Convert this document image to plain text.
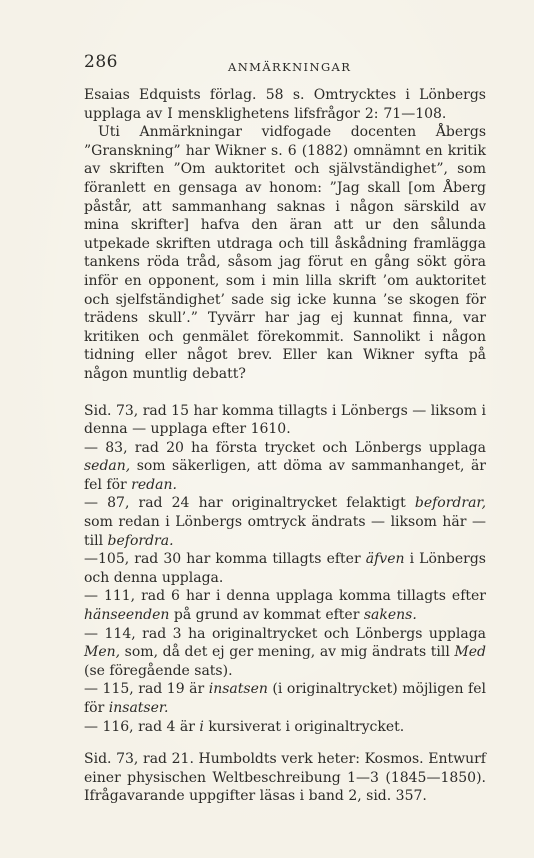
286	ANMÄRKNINGAR

Esaias Edquists förlag. 58 s. Omtrycktes i Lönbergs upplaga av I mensklighetens lifsfrågor 2: 71—108.

Uti Anmärkningar vidfogade docenten Åbergs ”Granskning” har Wikner s. 6 (1882) omnämnt en kritik av skriften ”Om auktoritet och självständighet”, som föranlett en gensaga av honom: ”Jag skall [om Åberg påstår, att sammanhang saknas i någon särskild av mina skrifter] hafva den äran att ur den sålunda utpekade skriften utdraga och till åskådning framlägga tankens röda tråd, såsom jag förut en gång sökt göra inför en opponent, som i min lilla skrift ’om auktoritet och sjelfständighet’ sade sig icke kunna ’se skogen för trädens skull’.” Tyvärr har jag ej kunnat finna, var kritiken och genmälet förekommit. Sannolikt i någon tidning eller något brev. Eller kan Wikner syfta på någon muntlig debatt?

Sid. 73, rad 15 har komma tillagts i Lönbergs — liksom i denna — upplaga efter 1610.

— 83, rad 20 ha första trycket och Lönbergs upplaga sedan, som säkerligen, att döma av sammanhanget, är fel för redan.

— 87, rad 24 har originaltrycket felaktigt befordrar, som redan i Lönbergs omtryck ändrats — liksom här — till befordra.

—105, rad 30 har komma tillagts efter äfven i Lönbergs och denna upplaga.

— 111, rad 6 har i denna upplaga komma tillagts efter hänseenden på grund av kommat efter sakens.

— 114, rad 3 ha originaltrycket och Lönbergs upplaga Men, som, då det ej ger mening, av mig ändrats till Med (se föregående sats).

— 115, rad 19 är insatsen (i originaltrycket) möjligen fel för insatser.

— 116, rad 4 är i kursiverat i originaltrycket.

Sid. 73, rad 21. Humboldts verk heter: Kosmos. Entwurf einer physischen Weltbeschreibung 1—3 (1845—1850). Ifrågavarande uppgifter läsas i band 2, sid. 357.
